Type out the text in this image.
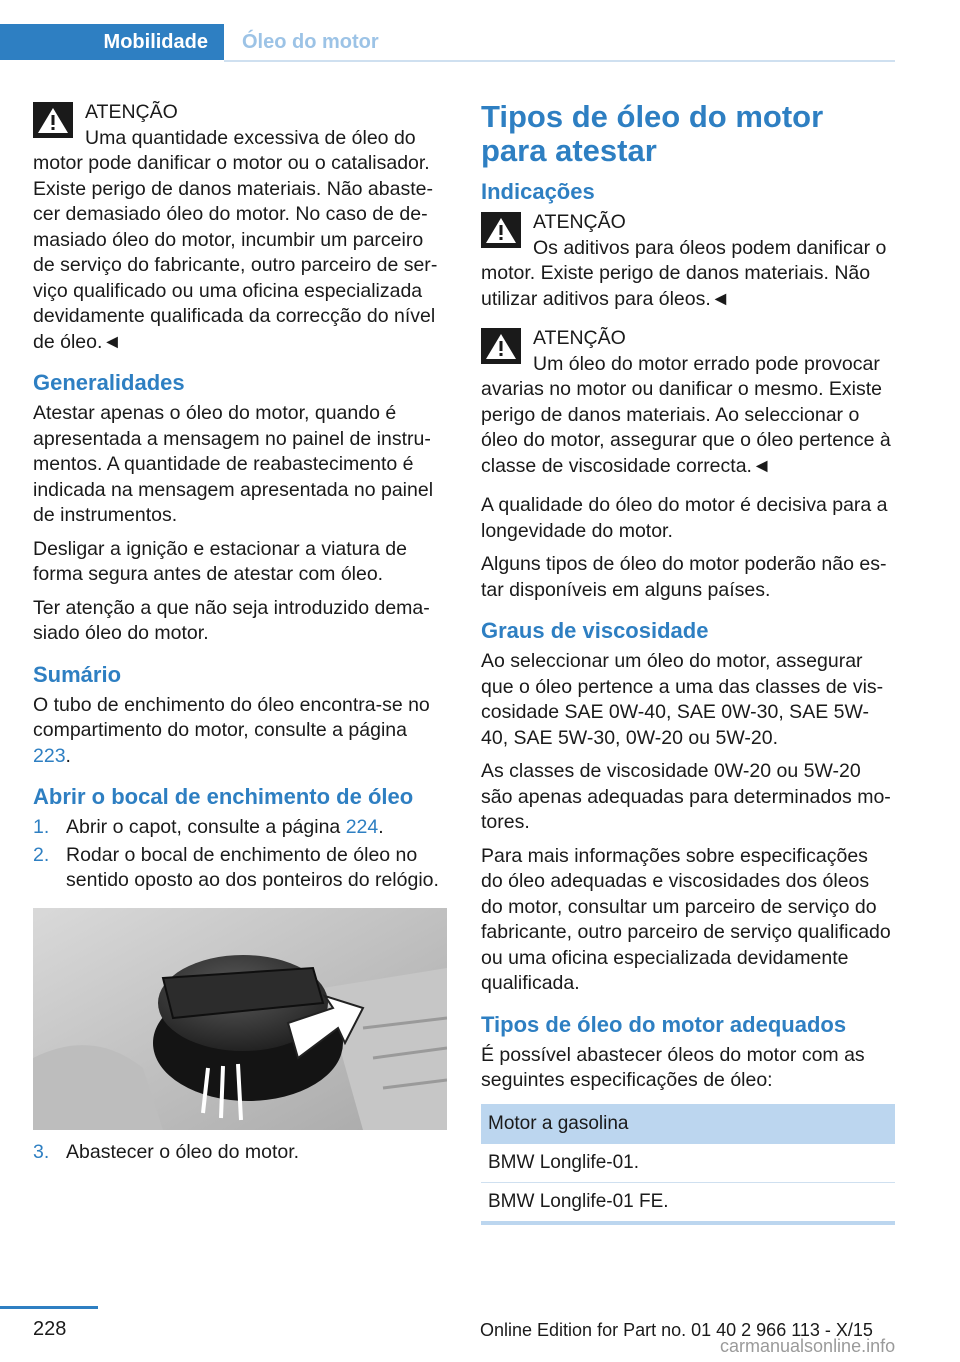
Mobilidade	Óleo do motor
ATENÇÃO
Uma quantidade excessiva de óleo do
motor pode danificar o motor ou o catalisador. Existe perigo de danos materiais. Não abastecer demasiado óleo do motor. No caso de demasiado óleo do motor, incumbir um parceiro de serviço do fabricante, outro parceiro de serviço qualificado ou uma oficina especializada devidamente qualificada da correcção do nível de óleo.◄
Generalidades

Atestar apenas o óleo do motor, quando é apresentada a mensagem no painel de instrumentos. A quantidade de reabastecimento é indicada na mensagem apresentada no painel de instrumentos.

Desligar a ignição e estacionar a viatura de forma segura antes de atestar com óleo.

Ter atenção a que não seja introduzido demasiado óleo do motor.

Sumário

O tubo de enchimento do óleo encontra-se no compartimento do motor, consulte a página 223.

Abrir o bocal de enchimento de óleo
1. Abrir o capot, consulte a página 224.
2. Rodar o bocal de enchimento de óleo no sentido oposto ao dos ponteiros do relógio.
3. Abastecer o óleo do motor.
Tipos de óleo do motor para atestar
Indicações
ATENÇÃO
Os aditivos para óleos podem danificar o
motor. Existe perigo de danos materiais. Não utilizar aditivos para óleos.◄
ATENÇÃO
Um óleo do motor errado pode provocar
avarias no motor ou danificar o mesmo. Existe perigo de danos materiais. Ao seleccionar o óleo do motor, assegurar que o óleo pertence à classe de viscosidade correcta.◄

A qualidade do óleo do motor é decisiva para a longevidade do motor.

Alguns tipos de óleo do motor poderão não estar disponíveis em alguns países.

Graus de viscosidade

Ao seleccionar um óleo do motor, assegurar que o óleo pertence a uma das classes de viscosidade SAE 0W-40, SAE 0W-30, SAE 5W-40, SAE 5W-30, 0W-20 ou 5W-20.

As classes de viscosidade 0W-20 ou 5W-20 são apenas adequadas para determinados motores.

Para mais informações sobre especificações do óleo adequadas e viscosidades dos óleos do motor, consultar um parceiro de serviço do fabricante, outro parceiro de serviço qualificado ou uma oficina especializada devidamente qualificada.

Tipos de óleo do motor adequados

É possível abastecer óleos do motor com as seguintes especificações de óleo:

Motor a gasolina
BMW Longlife-01.
BMW Longlife-01 FE.
228	Online Edition for Part no. 01 40 2 966 113 - X/15
carmanualsonline.info
